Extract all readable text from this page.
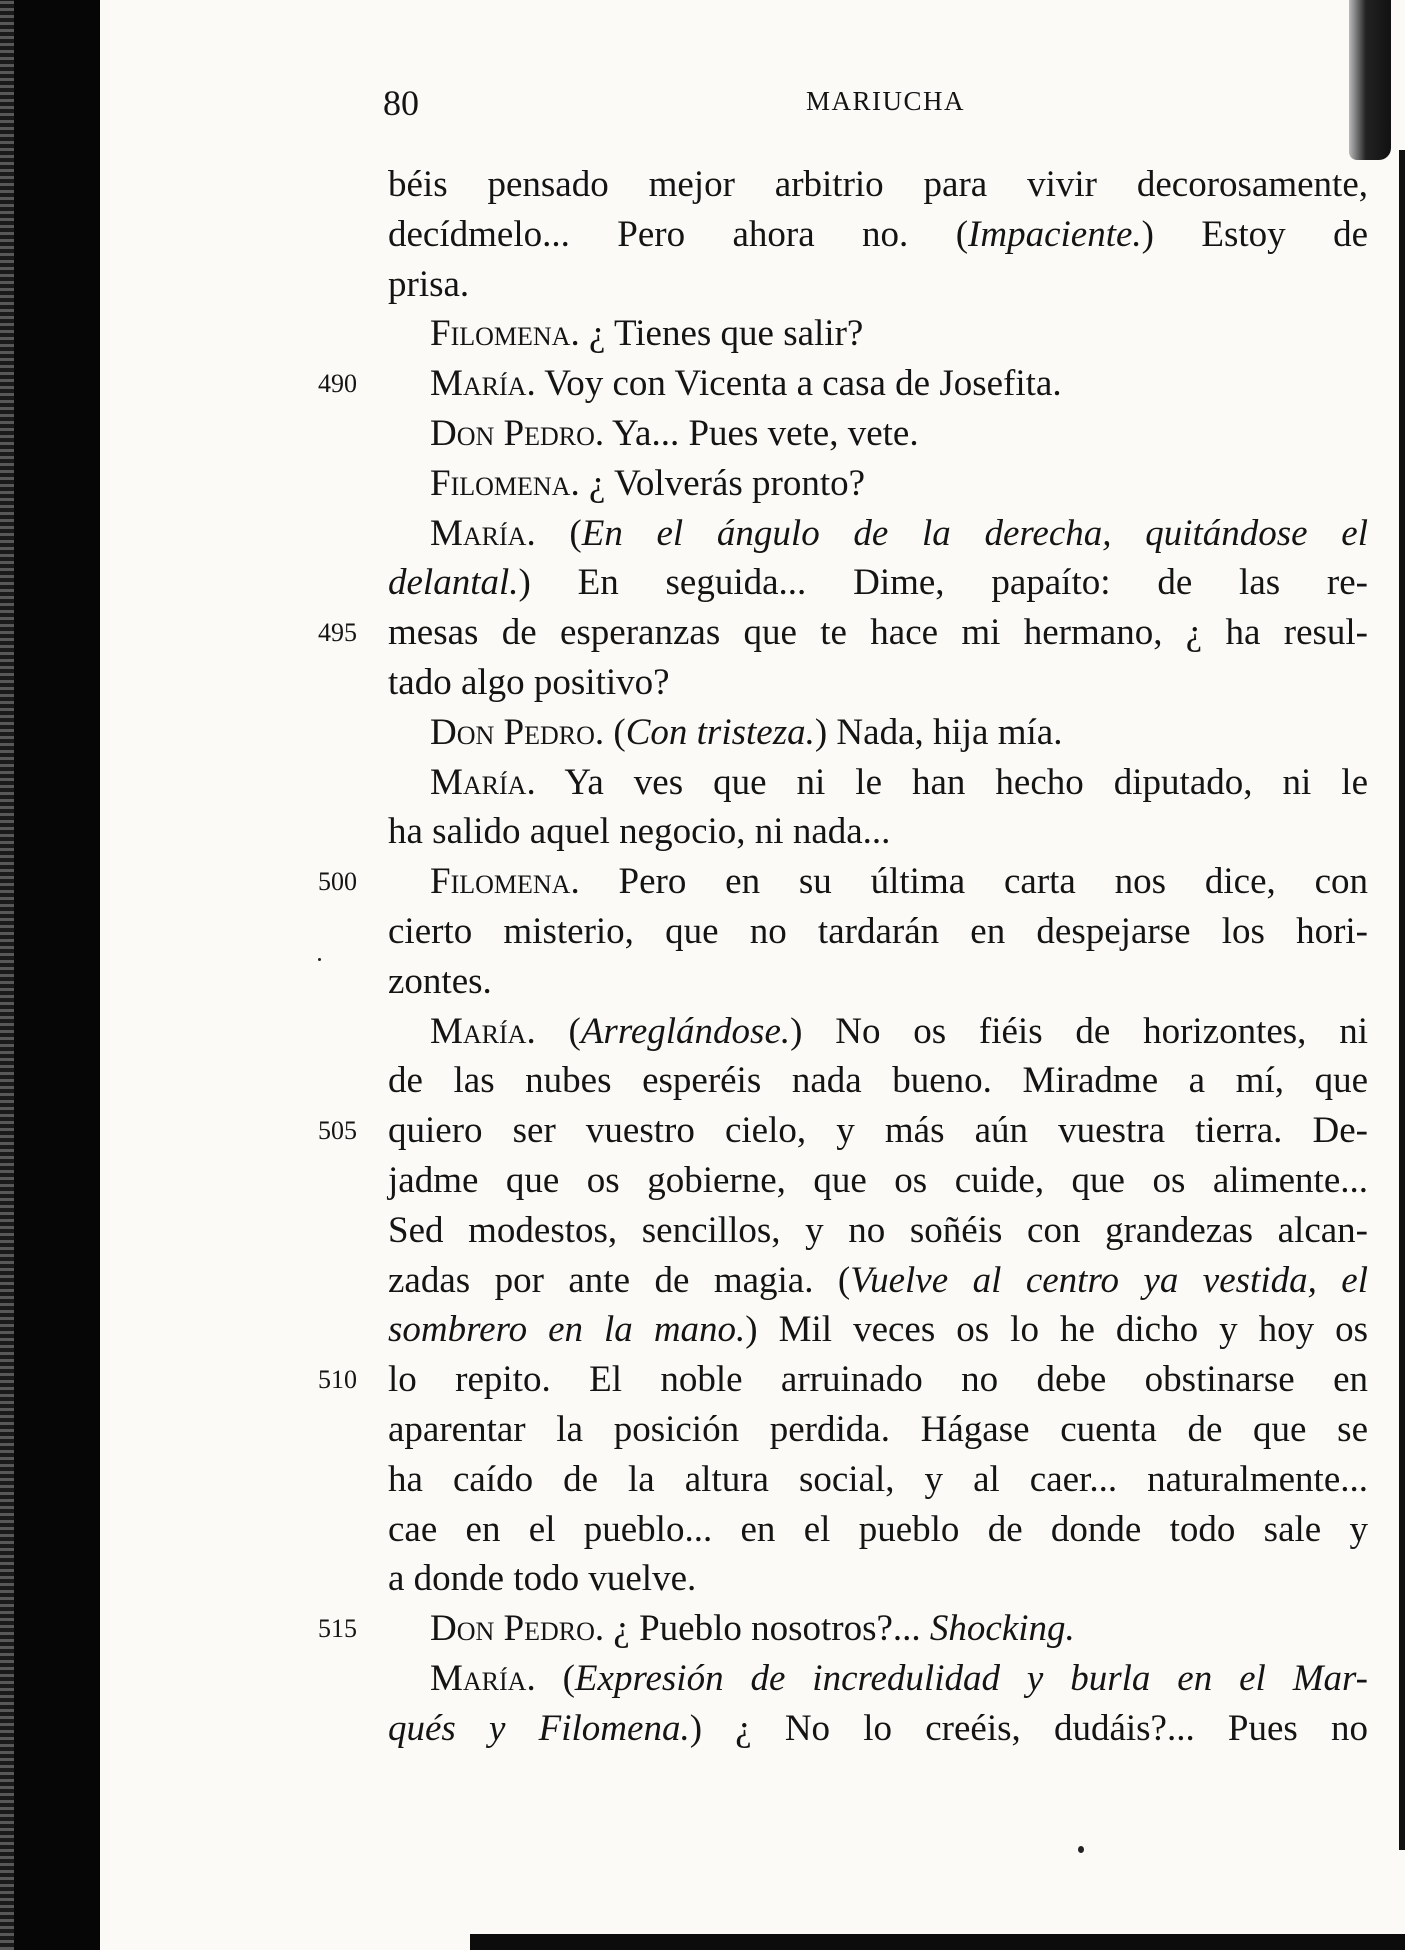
80	MARIUCHA
béis pensado mejor arbitrio para vivir decorosamente,
decídmelo... Pero ahora no. (Impaciente.) Estoy de
prisa.
Filomena. ¿ Tienes que salir?
490	María. Voy con Vicenta a casa de Josefita.
Don Pedro. Ya... Pues vete, vete.
Filomena. ¿ Volverás pronto?
María. (En el ángulo de la derecha, quitándose el
delantal.) En seguida... Dime, papaíto: de las re-
495 mesas de esperanzas que te hace mi hermano, ¿ ha resul-
tado algo positivo?
Don Pedro. (Con tristeza.) Nada, hija mía.
María. Ya ves que ni le han hecho diputado, ni le
ha salido aquel negocio, ni nada...
500	Filomena. Pero en su última carta nos dice, con
cierto misterio, que no tardarán en despejarse los hori-
zontes.
María. (Arreglándose.) No os fiéis de horizontes, ni
de las nubes esperéis nada bueno. Miradme a mí, que
505 quiero ser vuestro cielo, y más aún vuestra tierra. De-
jadme que os gobierne, que os cuide, que os alimente...
Sed modestos, sencillos, y no soñéis con grandezas alcan-
zadas por ante de magia. (Vuelve al centro ya vestida, el
sombrero en la mano.) Mil veces os lo he dicho y hoy os
510 lo repito. El noble arruinado no debe obstinarse en
aparentar la posición perdida. Hágase cuenta de que se
ha caído de la altura social, y al caer... naturalmente...
cae en el pueblo... en el pueblo de donde todo sale y
a donde todo vuelve.
515	Don Pedro. ¿ Pueblo nosotros?... Shocking.
María. (Expresión de incredulidad y burla en el Mar-
qués y Filomena.) ¿ No lo creéis, dudáis?... Pues no
